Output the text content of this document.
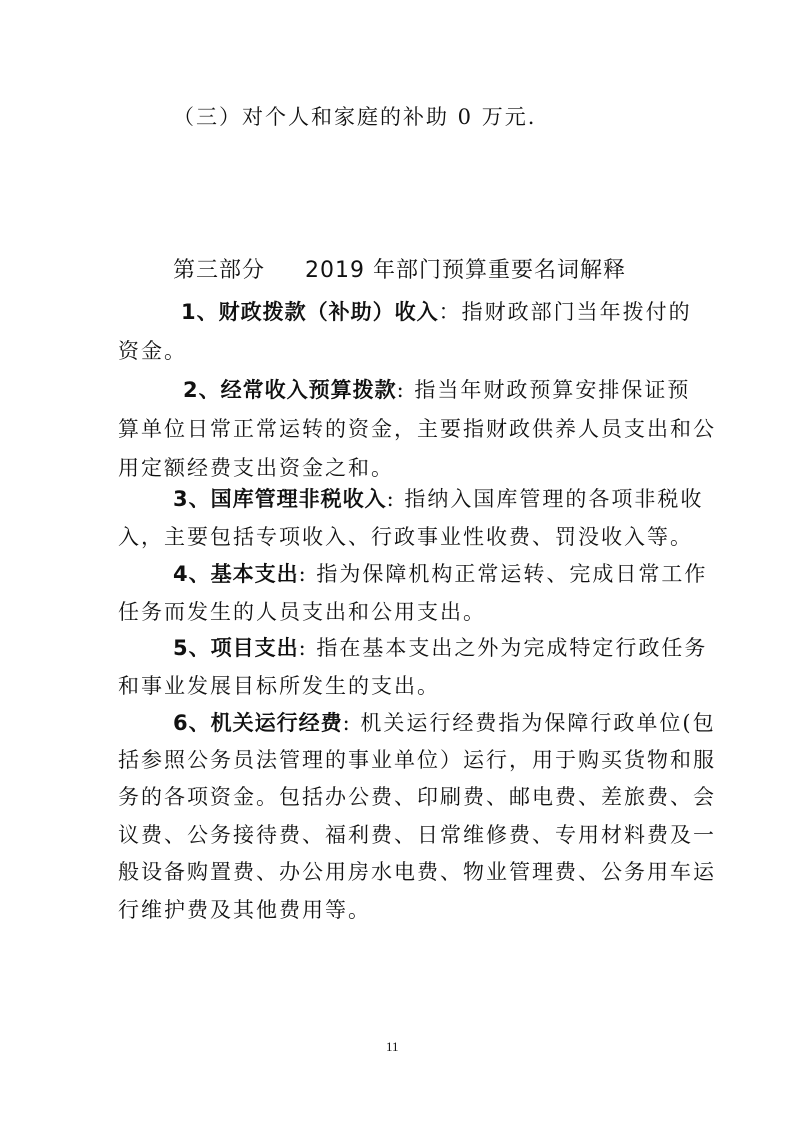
（三）对个人和家庭的补助 0 万元.
第三部分 2019 年部门预算重要名词解释
1、财政拨款（补助）收入：指财政部门当年拨付的
资金。
2、经常收入预算拨款: 指当年财政预算安排保证预
算单位日常正常运转的资金，主要指财政供养人员支出和公
用定额经费支出资金之和。
3、国库管理非税收入: 指纳入国库管理的各项非税收
入，主要包括专项收入、行政事业性收费、罚没收入等。
4、基本支出: 指为保障机构正常运转、完成日常工作
任务而发生的人员支出和公用支出。
5、项目支出: 指在基本支出之外为完成特定行政任务
和事业发展目标所发生的支出。
6、机关运行经费: 机关运行经费指为保障行政单位(包
括参照公务员法管理的事业单位）运行，用于购买货物和服
务的各项资金。包括办公费、印刷费、邮电费、差旅费、会
议费、公务接待费、福利费、日常维修费、专用材料费及一
般设备购置费、办公用房水电费、物业管理费、公务用车运
行维护费及其他费用等。
11
